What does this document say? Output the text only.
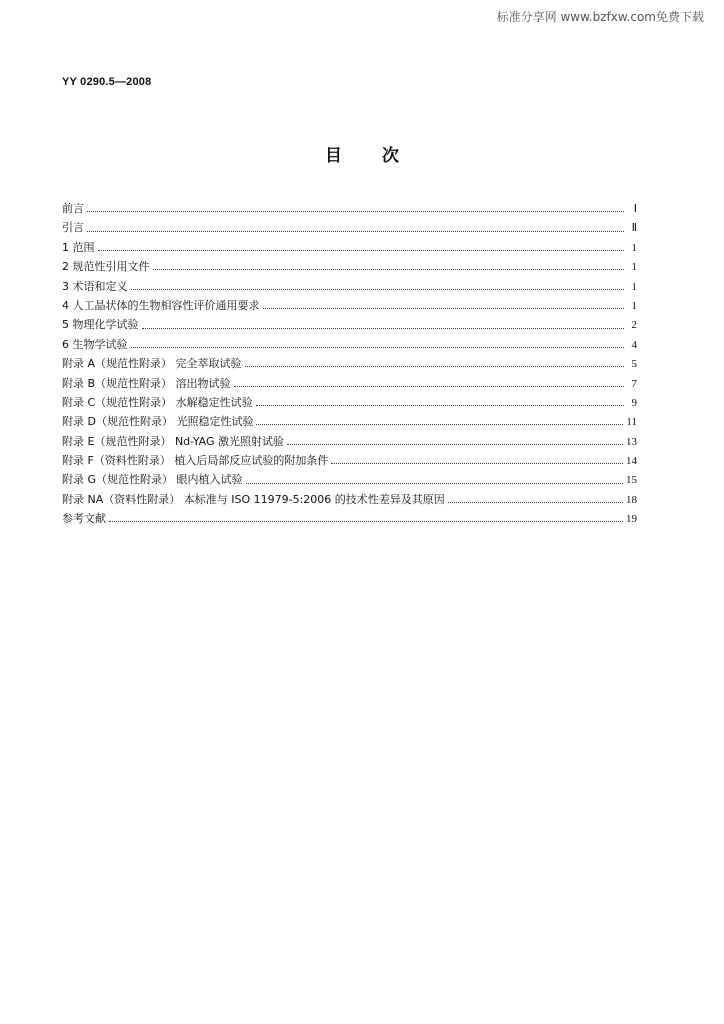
标准分享网 www.bzfxw.com免费下载
YY 0290.5—2008
目次
前言	Ⅰ
引言	Ⅱ
1 范围	1
2 规范性引用文件	1
3 术语和定义	1
4 人工晶状体的生物相容性评价通用要求	1
5 物理化学试验	2
6 生物学试验	4
附录 A（规范性附录） 完全萃取试验	5
附录 B（规范性附录） 溶出物试验	7
附录 C（规范性附录） 水解稳定性试验	9
附录 D（规范性附录） 光照稳定性试验	11
附录 E（规范性附录） Nd-YAG 激光照射试验	13
附录 F（资料性附录） 植入后局部反应试验的附加条件	14
附录 G（规范性附录） 眼内植入试验	15
附录 NA（资料性附录） 本标准与 ISO 11979-5:2006 的技术性差异及其原因	18
参考文献	19
